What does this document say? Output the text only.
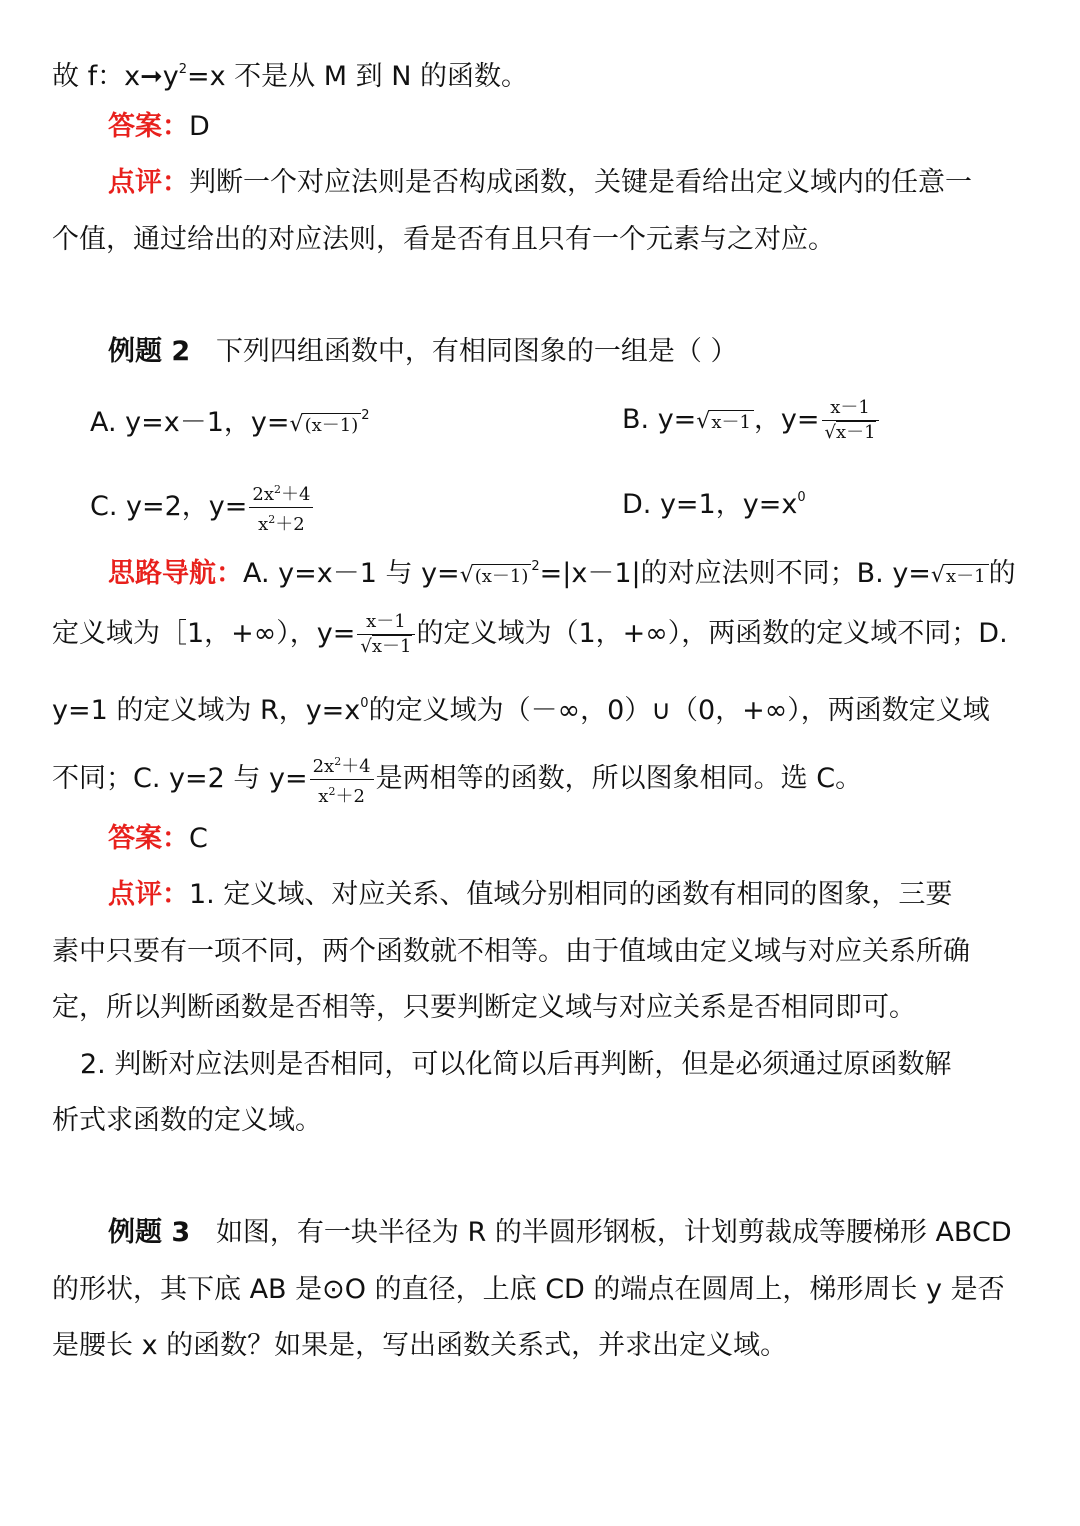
故 f：$x➞y^2=x$ 不是从 M 到 N 的函数。
答案：D
点评：判断一个对应法则是否构成函数，关键是看给出定义域内的任意一
个值，通过给出的对应法则，看是否有且只有一个元素与之对应。
例题 2 下列四组函数中，有相同图象的一组是（ ）
A. y=x－1，y=√(x－1) $^2$	B. y=√x－1 ，$y= \frac{x-1}{√x-1}$
C. y=2，$y= \frac{2x^2+4}{x^2+2}$	D. y=1，$y=x^0$
思路导航：A. y=x－1 与 y=√(x－1) $^2$=|x－1|的对应法则不同；B. y=√x－1 的
定义域为［1，+∞），$y= \frac{x-1}{√x-1}$ 的定义域为（1，+∞），两函数的定义域不同；D.
y=1 的定义域为 R，$y=x^0$的定义域为（－∞，0）∪（0，+∞），两函数定义域
不同；C. y=2 与 $y= \frac{2x^2+4}{x^2+2}$ 是两相等的函数，所以图象相同。选 C。
答案：C
点评：1. 定义域、对应关系、值域分别相同的函数有相同的图象，三要
素中只要有一项不同，两个函数就不相等。由于值域由定义域与对应关系所确
定，所以判断函数是否相等，只要判断定义域与对应关系是否相同即可。
2. 判断对应法则是否相同，可以化简以后再判断，但是必须通过原函数解
析式求函数的定义域。
例题 3 如图，有一块半径为 R 的半圆形钢板，计划剪裁成等腰梯形 ABCD
的形状，其下底 AB 是⊙O 的直径，上底 CD 的端点在圆周上，梯形周长 y 是否
是腰长 x 的函数？如果是，写出函数关系式，并求出定义域。
